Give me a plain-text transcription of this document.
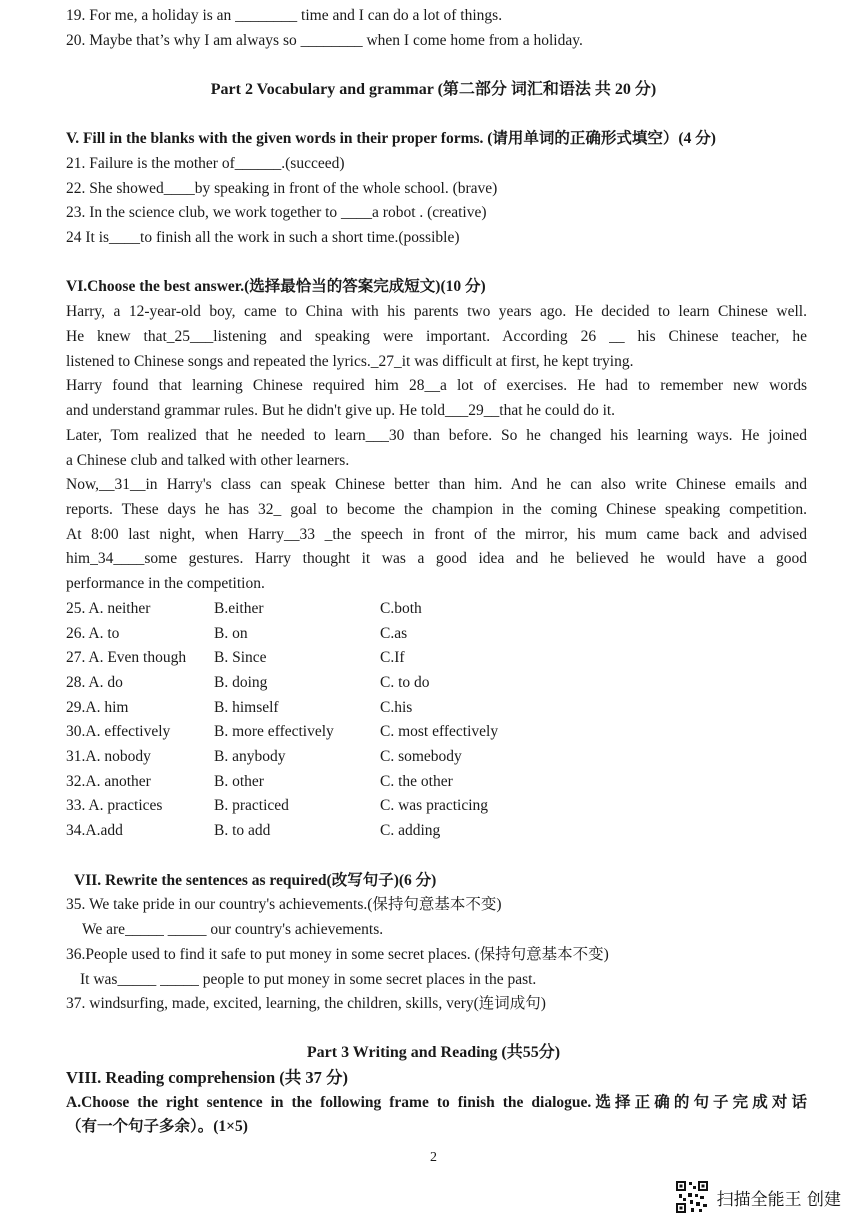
19. For me, a holiday is an ________ time and I can do a lot of things.
20. Maybe that’s why I am always so ________ when I come home from a holiday.
Part 2 Vocabulary and grammar (第二部分 词汇和语法 共 20 分)
V. Fill in the blanks with the given words in their proper forms. (请用单词的正确形式填空）(4 分)
21. Failure is the mother of______.(succeed)
22. She showed____by speaking in front of the whole school. (brave)
23. In the science club, we work together to ____a robot . (creative)
24 It is____to finish all the work in such a short time.(possible)
VI.Choose the best answer.(选择最恰当的答案完成短文)(10 分)
Harry, a 12-year-old boy, came to China with his parents two years ago. He decided to learn Chinese well.
He knew that_25___listening and speaking were important. According 26 __ his Chinese teacher, he
listened to Chinese songs and repeated the lyrics._27_it was difficult at first, he kept trying.
Harry found that learning Chinese required him 28__a lot of exercises. He had to remember new words
and understand grammar rules. But he didn't give up. He told___29__that he could do it.
Later, Tom realized that he needed to learn___30 than before. So he changed his learning ways. He joined
a Chinese club and talked with other learners.
Now,__31__in Harry's class can speak Chinese better than him. And he can also write Chinese emails and
reports. These days he has 32_ goal to become the champion in the coming Chinese speaking competition.
At 8:00 last night, when Harry__33 _the speech in front of the mirror, his mum came back and advised
him_34____some gestures. Harry thought it was a good idea and he believed he would have a good
performance in the competition.
25. A. neither	B.either	C.both
26. A. to	B. on	C.as
27. A. Even though B. Since	C.If
28. A. do	B. doing	C. to do
29.A. him	B. himself	C.his
30.A. effectively	B. more effectively	C. most effectively
31.A. nobody	B. anybody	C. somebody
32.A. another	B. other	C. the other
33. A. practices	B. practiced	C. was practicing
34.A.add	B. to add	C. adding
VII. Rewrite the sentences as required(改写句子)(6 分)
35. We take pride in our country's achievements.(保持句意基本不变)
We are_____ _____ our country's achievements.
36.People used to find it safe to put money in some secret places. (保持句意基本不变)
It was_____ _____ people to put money in some secret places in the past.
37. windsurfing, made, excited, learning, the children, skills, very(连词成句)
Part 3 Writing and Reading (共55分)
VIII. Reading comprehension (共 37 分)
A.Choose the right sentence in the following frame to finish the dialogue.选择正确的句子完成对话
（有一个句子多余）。(1×5)
2
扫描全能王 创建
